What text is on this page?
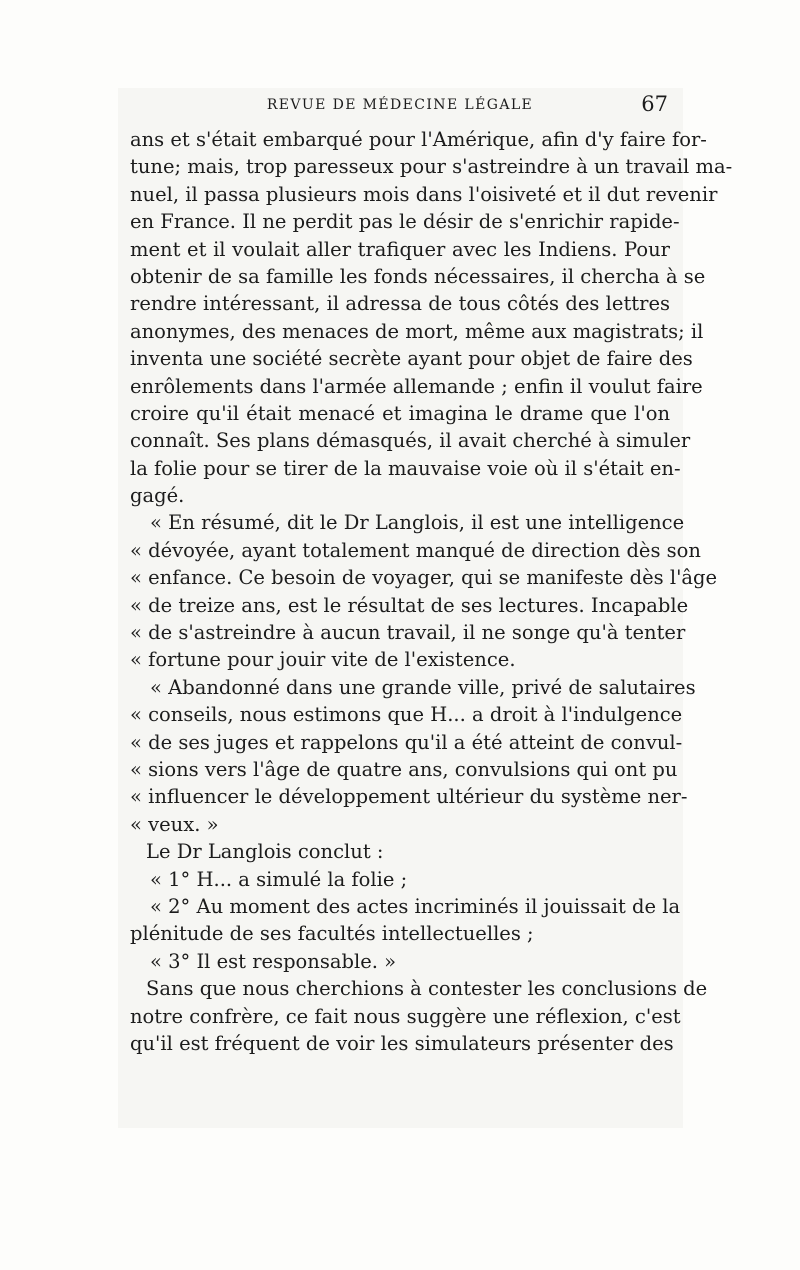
REVUE DE MÉDECINE LÉGALE	67
ans et s'était embarqué pour l'Amérique, afin d'y faire for-
tune; mais, trop paresseux pour s'astreindre à un travail ma-
nuel, il passa plusieurs mois dans l'oisiveté et il dut revenir
en France. Il ne perdit pas le désir de s'enrichir rapide-
ment et il voulait aller trafiquer avec les Indiens. Pour
obtenir de sa famille les fonds nécessaires, il chercha à se
rendre intéressant, il adressa de tous côtés des lettres
anonymes, des menaces de mort, même aux magistrats; il
inventa une société secrète ayant pour objet de faire des
enrôlements dans l'armée allemande ; enfin il voulut faire
croire qu'il était menacé et imagina le drame que l'on
connaît. Ses plans démasqués, il avait cherché à simuler
la folie pour se tirer de la mauvaise voie où il s'était en-
gagé.
« En résumé, dit le Dr Langlois, il est une intelligence
« dévoyée, ayant totalement manqué de direction dès son
« enfance. Ce besoin de voyager, qui se manifeste dès l'âge
« de treize ans, est le résultat de ses lectures. Incapable
« de s'astreindre à aucun travail, il ne songe qu'à tenter
« fortune pour jouir vite de l'existence.
« Abandonné dans une grande ville, privé de salutaires
« conseils, nous estimons que H... a droit à l'indulgence
« de ses juges et rappelons qu'il a été atteint de convul-
« sions vers l'âge de quatre ans, convulsions qui ont pu
« influencer le développement ultérieur du système ner-
« veux. »
Le Dr Langlois conclut :
« 1° H... a simulé la folie ;
« 2° Au moment des actes incriminés il jouissait de la
plénitude de ses facultés intellectuelles ;
« 3° Il est responsable. »
Sans que nous cherchions à contester les conclusions de
notre confrère, ce fait nous suggère une réflexion, c'est
qu'il est fréquent de voir les simulateurs présenter des
